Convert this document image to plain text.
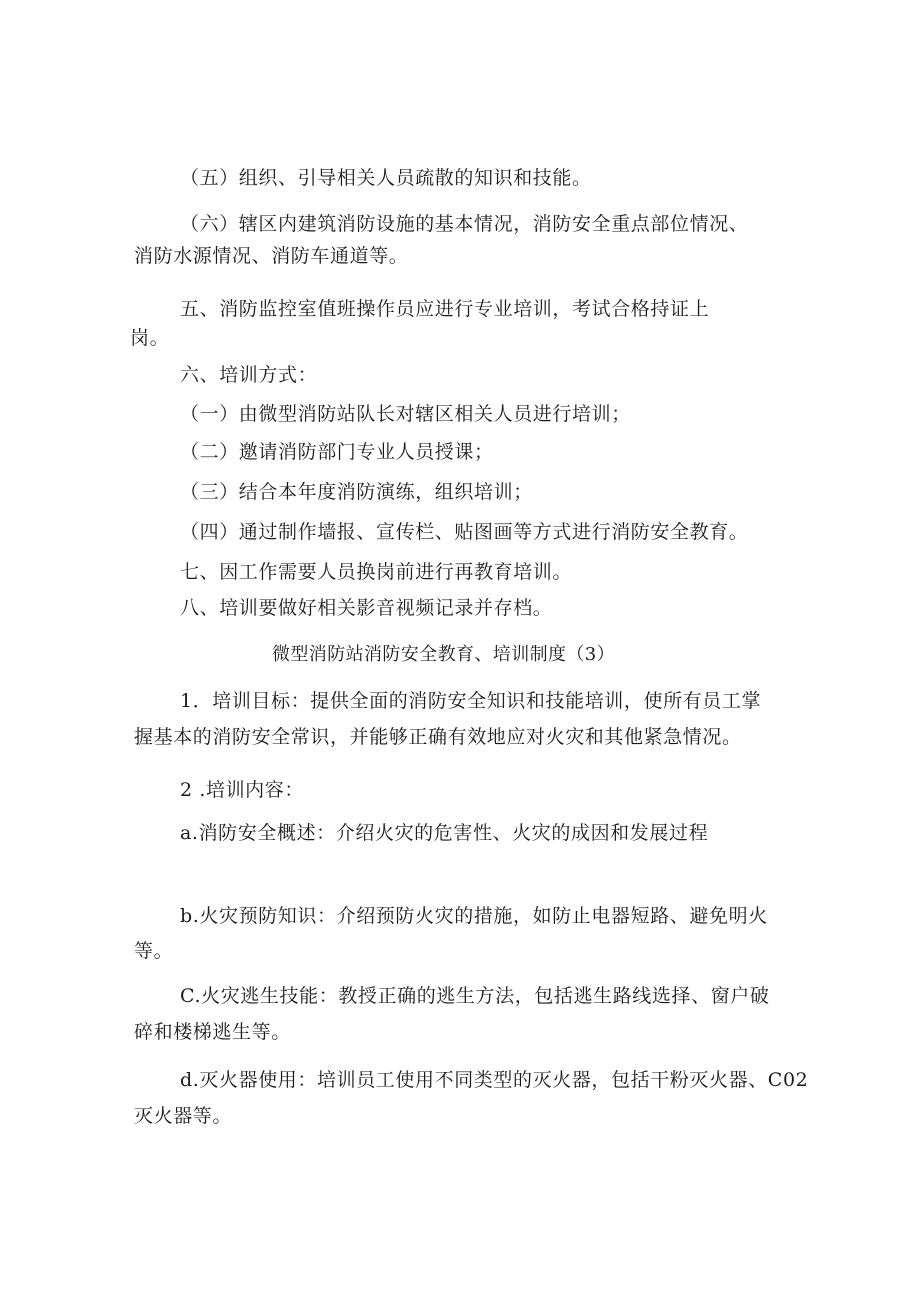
（五）组织、引导相关人员疏散的知识和技能。
（六）辖区内建筑消防设施的基本情况，消防安全重点部位情况、
消防水源情况、消防车通道等。
五、消防监控室值班操作员应进行专业培训，考试合格持证上
岗。
六、培训方式：
（一）由微型消防站队长对辖区相关人员进行培训；
（二）邀请消防部门专业人员授课；
（三）结合本年度消防演练，组织培训；
（四）通过制作墙报、宣传栏、贴图画等方式进行消防安全教育。
七、因工作需要人员换岗前进行再教育培训。
八、培训要做好相关影音视频记录并存档。
微型消防站消防安全教育、培训制度（3）
1．培训目标：提供全面的消防安全知识和技能培训，使所有员工掌
握基本的消防安全常识，并能够正确有效地应对火灾和其他紧急情况。
2 .培训内容：
a.消防安全概述：介绍火灾的危害性、火灾的成因和发展过程
b.火灾预防知识：介绍预防火灾的措施，如防止电器短路、避免明火
等。
C.火灾逃生技能：教授正确的逃生方法，包括逃生路线选择、窗户破
碎和楼梯逃生等。
d.灭火器使用：培训员工使用不同类型的灭火器，包括干粉灭火器、C02
灭火器等。
